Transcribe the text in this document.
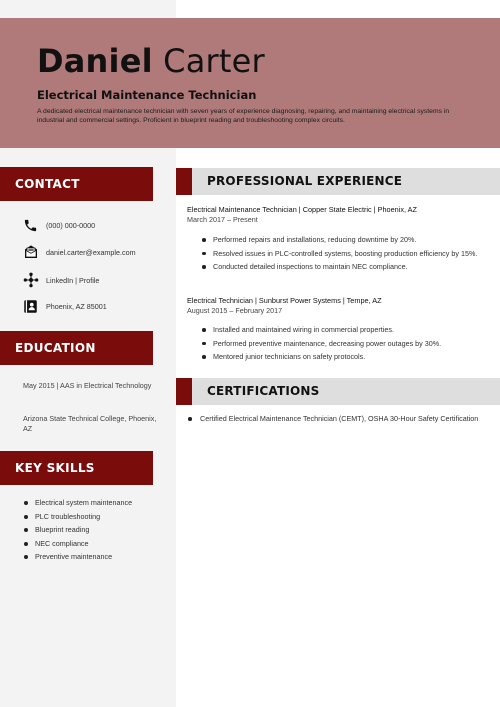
Daniel Carter
Electrical Maintenance Technician
A dedicated electrical maintenance technician with seven years of experience diagnosing, repairing, and maintaining electrical systems in industrial and commercial settings. Proficient in blueprint reading and troubleshooting complex circuits.
CONTACT
(000) 000-0000
daniel.carter@example.com
LinkedIn | Profile
Phoenix, AZ 85001
EDUCATION
May 2015 | AAS in Electrical Technology
Arizona State Technical College, Phoenix, AZ
KEY SKILLS
Electrical system maintenance
PLC troubleshooting
Blueprint reading
NEC compliance
Preventive maintenance
PROFESSIONAL EXPERIENCE
Electrical Maintenance Technician | Copper State Electric | Phoenix, AZ
March 2017 – Present
Performed repairs and installations, reducing downtime by 20%.
Resolved issues in PLC-controlled systems, boosting production efficiency by 15%.
Conducted detailed inspections to maintain NEC compliance.
Electrical Technician | Sunburst Power Systems | Tempe, AZ
August 2015 – February 2017
Installed and maintained wiring in commercial properties.
Performed preventive maintenance, decreasing power outages by 30%.
Mentored junior technicians on safety protocols.
CERTIFICATIONS
Certified Electrical Maintenance Technician (CEMT), OSHA 30-Hour Safety Certification
